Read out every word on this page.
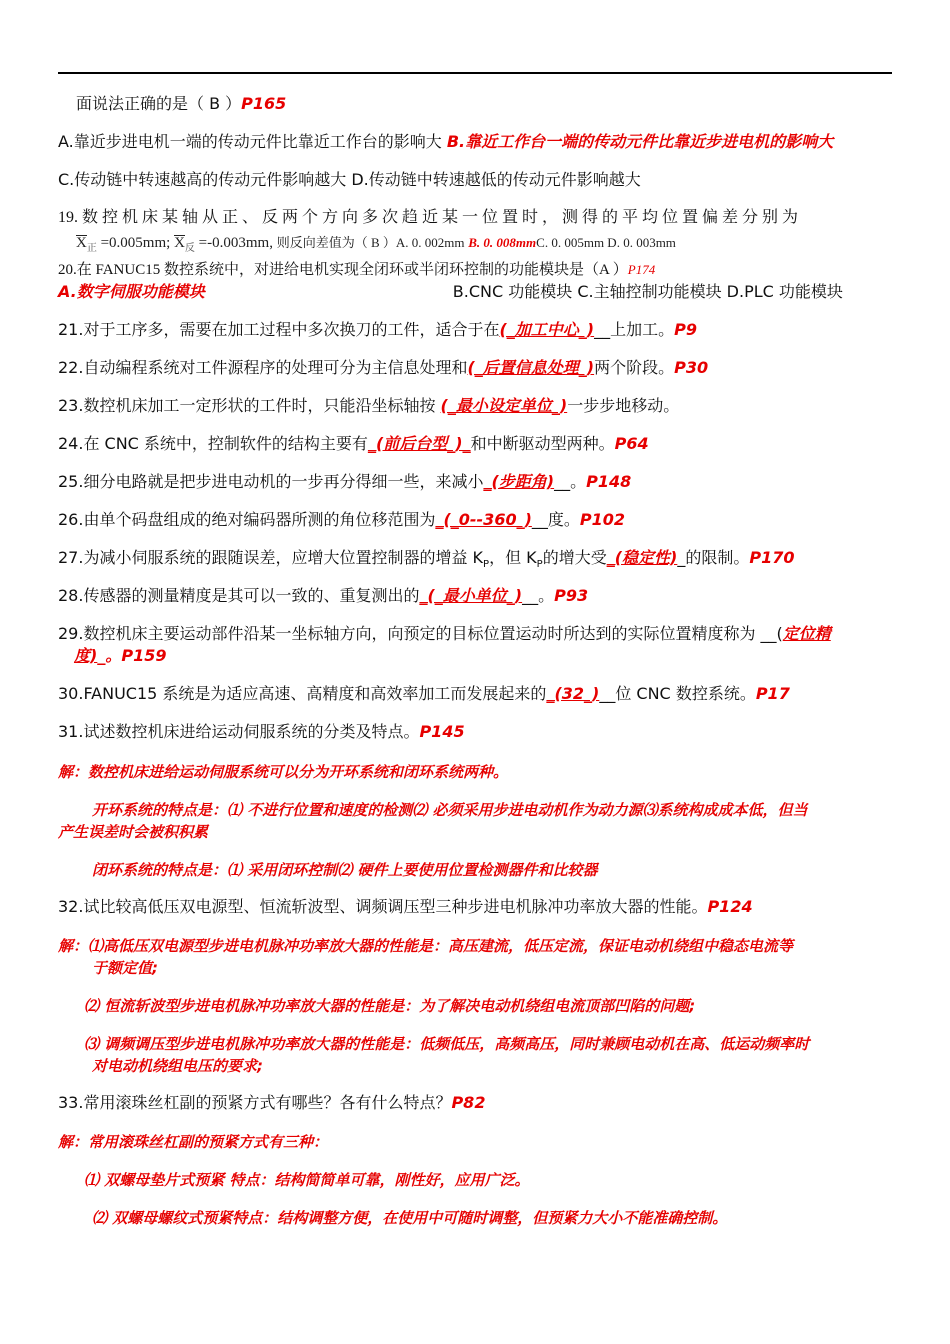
面说法正确的是（ B ）P165
A.靠近步进电机一端的传动元件比靠近工作台的影响大 B.靠近工作台一端的传动元件比靠近步进电机的影响大
C.传动链中转速越高的传动元件影响越大 D.传动链中转速越低的传动元件影响越大
19. 数 控 机 床 某 轴 从 正 、 反 两 个 方 向 多 次 趋 近 某 一 位 置 时 ， 测 得 的 平 均 位 置 偏 差 分 别 为
$X_正 =0.005mm$; $X_反 =-0.003mm$, 则反向差值为（ B ）A. 0. 002mm B. 0. 008mmC. 0. 005mm D. 0. 003mm
20.在 FANUC15 数控系统中，对进给电机实现全闭环或半闭环控制的功能模块是（A ）P174
A.数字伺服功能模块	B.CNC 功能模块 C.主轴控制功能模块 D.PLC 功能模块
21.对于工序多，需要在加工过程中多次换刀的工件，适合于在(_加工中心_)__上加工。P9
22.自动编程系统对工件源程序的处理可分为主信息处理和(_后置信息处理_)两个阶段。P30
23.数控机床加工一定形状的工件时，只能沿坐标轴按 (_最小设定单位_)一步步地移动。
24.在 CNC 系统中，控制软件的结构主要有_(前后台型_)_和中断驱动型两种。P64
25.细分电路就是把步进电动机的一步再分得细一些，来减小_(步距角)__。P148
26.由单个码盘组成的绝对编码器所测的角位移范围为_(_0--360_)__度。P102
27.为减小伺服系统的跟随误差，应增大位置控制器的增益 $K_P$，但 $K_P$的增大受_(稳定性)_的限制。P170
28.传感器的测量精度是其可以一致的、重复测出的_(_最小单位_)__。P93
29.数控机床主要运动部件沿某一坐标轴方向，向预定的目标位置运动时所达到的实际位置精度称为 __(定位精
度)_。P159
30.FANUC15 系统是为适应高速、高精度和高效率加工而发展起来的_(32_)__位 CNC 数控系统。P17
31.试述数控机床进给运动伺服系统的分类及特点。P145
解：数控机床进给运动伺服系统可以分为开环系统和闭环系统两种。
开环系统的特点是：⑴ 不进行位置和速度的检测⑵ 必须采用步进电动机作为动力源⑶系统构成成本低，但当
产生误差时会被积积累
闭环系统的特点是：⑴ 采用闭环控制⑵ 硬件上要使用位置检测器件和比较器
32.试比较高低压双电源型、恒流斩波型、调频调压型三种步进电机脉冲功率放大器的性能。P124
解：⑴高低压双电源型步进电机脉冲功率放大器的性能是：高压建流，低压定流，保证电动机绕组中稳态电流等
于额定值;
⑵ 恒流斩波型步进电机脉冲功率放大器的性能是：为了解决电动机绕组电流顶部凹陷的问题;
⑶ 调频调压型步进电机脉冲功率放大器的性能是：低频低压，高频高压，同时兼顾电动机在高、低运动频率时
对电动机绕组电压的要求;
33.常用滚珠丝杠副的预紧方式有哪些？各有什么特点？P82
解：常用滚珠丝杠副的预紧方式有三种：
⑴ 双螺母垫片式预紧 特点：结构简简单可靠，刚性好，应用广泛。
⑵ 双螺母螺纹式预紧特点：结构调整方便，在使用中可随时调整，但预紧力大小不能准确控制。
